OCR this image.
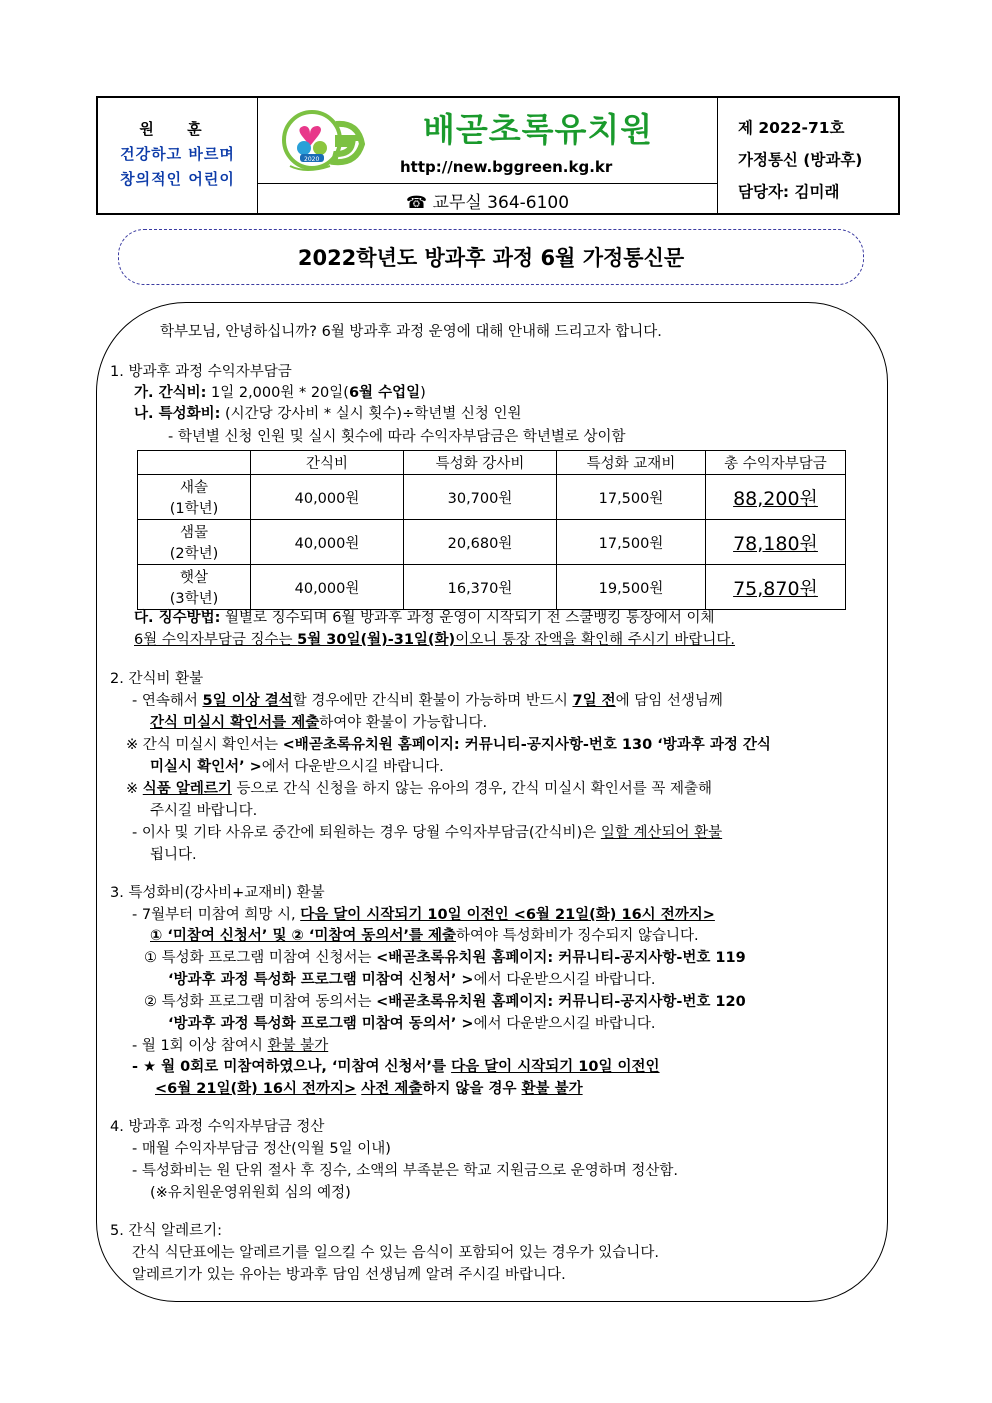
원 훈
건강하고 바르며
창의적인 어린이
2020
배곧초록유치원
http://new.bggreen.kg.kr
☎ 교무실 364-6100
제 2022-71호
가정통신 (방과후)
담당자: 김미래
2022학년도 방과후 과정 6월 가정통신문
학부모님, 안녕하십니까? 6월 방과후 과정 운영에 대해 안내해 드리고자 합니다.
1. 방과후 과정 수익자부담금
가. 간식비: 1일 2,000원 * 20일(6월 수업일)
나. 특성화비: (시간당 강사비 * 실시 횟수)÷학년별 신청 인원
- 학년별 신청 인원 및 실시 횟수에 따라 수익자부담금은 학년별로 상이함
	간식비	특성화 강사비	특성화 교재비	총 수익자부담금
새솔
(1학년)	40,000원	30,700원	17,500원	88,200원
샘물
(2학년)	40,000원	20,680원	17,500원	78,180원
햇살
(3학년)	40,000원	16,370원	19,500원	75,870원
다. 징수방법: 월별로 징수되며 6월 방과후 과정 운영이 시작되기 전 스쿨뱅킹 통장에서 이체
6월 수익자부담금 징수는 5월 30일(월)-31일(화)이오니 통장 잔액을 확인해 주시기 바랍니다.
2. 간식비 환불
- 연속해서 5일 이상 결석할 경우에만 간식비 환불이 가능하며 반드시 7일 전에 담임 선생님께
간식 미실시 확인서를 제출하여야 환불이 가능합니다.
※ 간식 미실시 확인서는 <배곧초록유치원 홈페이지: 커뮤니티-공지사항-번호 130 ‘방과후 과정 간식
미실시 확인서’ >에서 다운받으시길 바랍니다.
※ 식품 알레르기 등으로 간식 신청을 하지 않는 유아의 경우, 간식 미실시 확인서를 꼭 제출해
주시길 바랍니다.
- 이사 및 기타 사유로 중간에 퇴원하는 경우 당월 수익자부담금(간식비)은 일할 계산되어 환불
됩니다.
3. 특성화비(강사비+교재비) 환불
- 7월부터 미참여 희망 시, 다음 달이 시작되기 10일 이전인 <6월 21일(화) 16시 전까지>
① ‘미참여 신청서’ 및 ② ‘미참여 동의서’를 제출하여야 특성화비가 징수되지 않습니다.
① 특성화 프로그램 미참여 신청서는 <배곧초록유치원 홈페이지: 커뮤니티-공지사항-번호 119
‘방과후 과정 특성화 프로그램 미참여 신청서’ >에서 다운받으시길 바랍니다.
② 특성화 프로그램 미참여 동의서는 <배곧초록유치원 홈페이지: 커뮤니티-공지사항-번호 120
‘방과후 과정 특성화 프로그램 미참여 동의서’ >에서 다운받으시길 바랍니다.
- 월 1회 이상 참여시 환불 불가
- ★ 월 0회로 미참여하였으나, ‘미참여 신청서’를 다음 달이 시작되기 10일 이전인
<6월 21일(화) 16시 전까지> 사전 제출하지 않을 경우 환불 불가
4. 방과후 과정 수익자부담금 정산
- 매월 수익자부담금 정산(익월 5일 이내)
- 특성화비는 원 단위 절사 후 징수, 소액의 부족분은 학교 지원금으로 운영하며 정산함.
(※유치원운영위원회 심의 예정)
5. 간식 알레르기:
간식 식단표에는 알레르기를 일으킬 수 있는 음식이 포함되어 있는 경우가 있습니다.
알레르기가 있는 유아는 방과후 담임 선생님께 알려 주시길 바랍니다.
